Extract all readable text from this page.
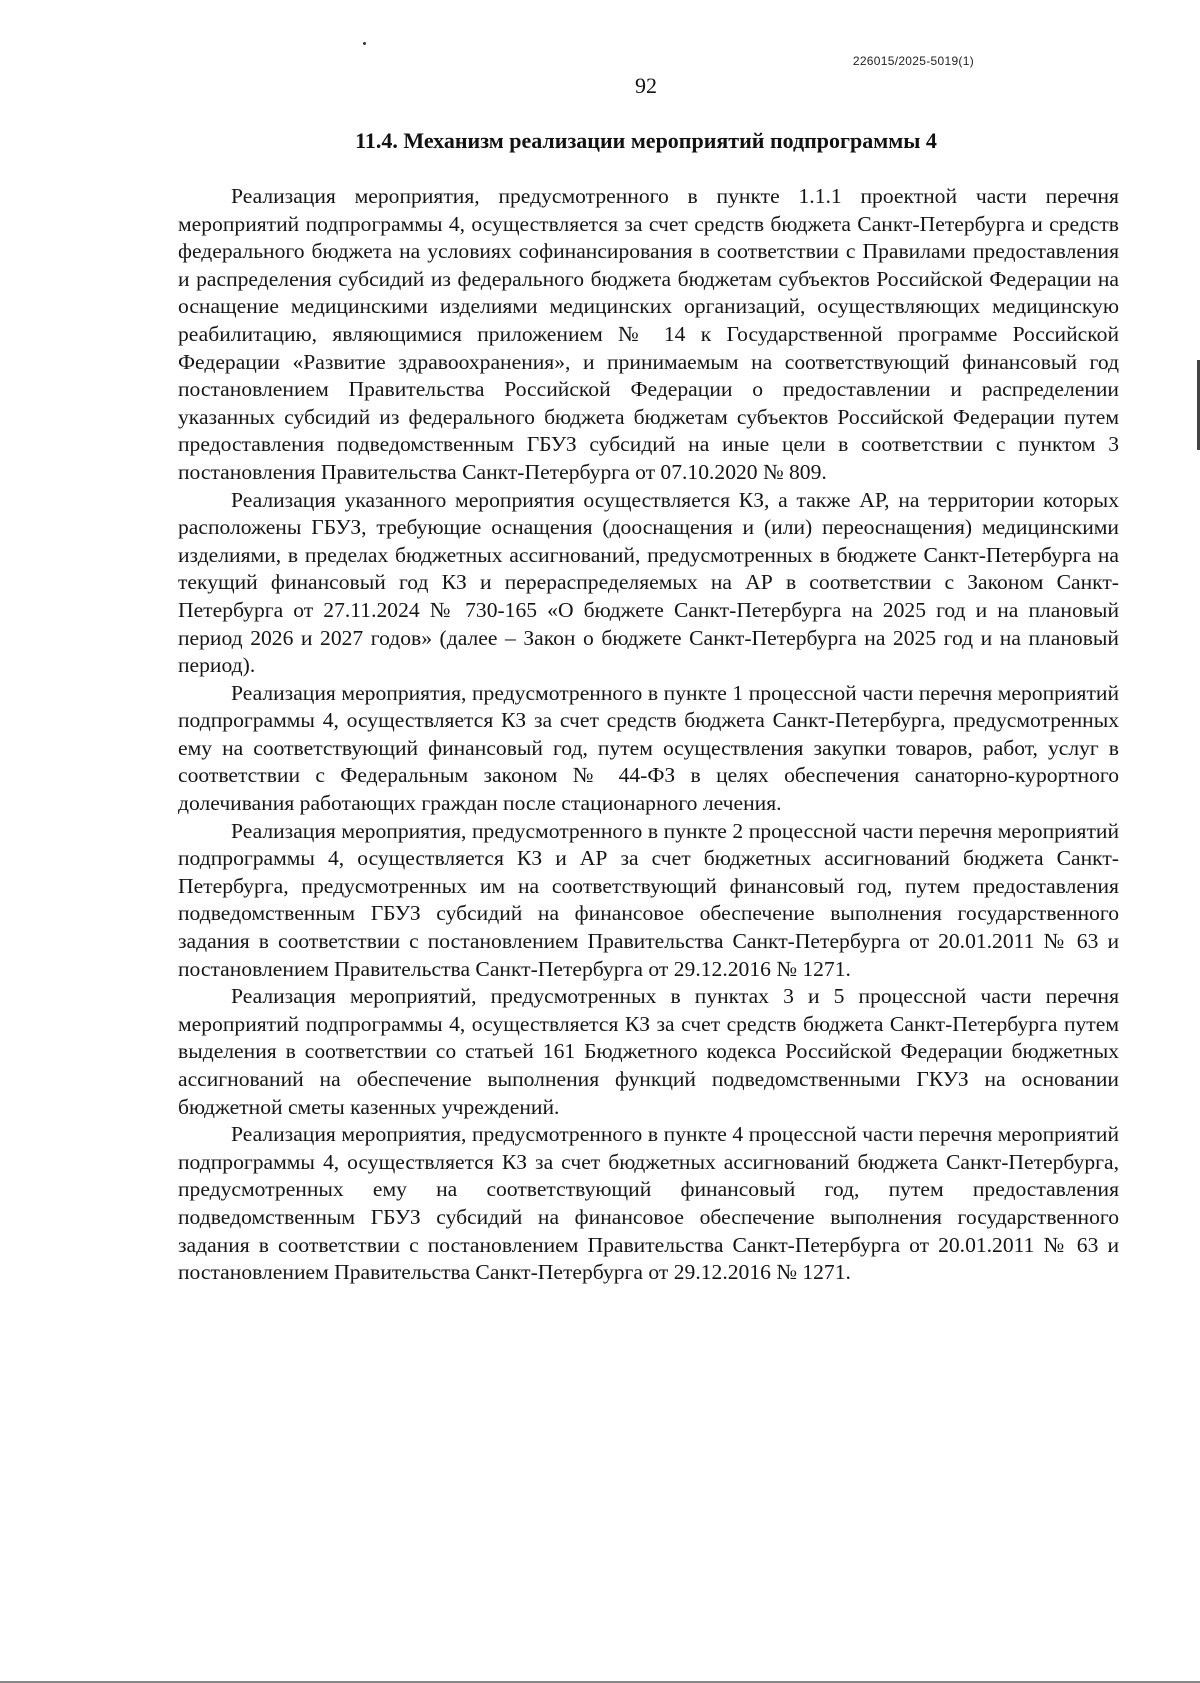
226015/2025-5019(1)
92
11.4. Механизм реализации мероприятий подпрограммы 4

Реализация мероприятия, предусмотренного в пункте 1.1.1 проектной части перечня мероприятий подпрограммы 4, осуществляется за счет средств бюджета Санкт-Петербурга и средств федерального бюджета на условиях софинансирования в соответствии с Правилами предоставления и распределения субсидий из федерального бюджета бюджетам субъектов Российской Федерации на оснащение медицинскими изделиями медицинских организаций, осуществляющих медицинскую реабилитацию, являющимися приложением № 14 к Государственной программе Российской Федерации «Развитие здравоохранения», и принимаемым на соответствующий финансовый год постановлением Правительства Российской Федерации о предоставлении и распределении указанных субсидий из федерального бюджета бюджетам субъектов Российской Федерации путем предоставления подведомственным ГБУЗ субсидий на иные цели в соответствии с пунктом 3 постановления Правительства Санкт-Петербурга от 07.10.2020 № 809.

Реализация указанного мероприятия осуществляется КЗ, а также АР, на территории которых расположены ГБУЗ, требующие оснащения (дооснащения и (или) переоснащения) медицинскими изделиями, в пределах бюджетных ассигнований, предусмотренных в бюджете Санкт-Петербурга на текущий финансовый год КЗ и перераспределяемых на АР в соответствии с Законом Санкт-Петербурга от 27.11.2024 № 730-165 «О бюджете Санкт-Петербурга на 2025 год и на плановый период 2026 и 2027 годов» (далее – Закон о бюджете Санкт-Петербурга на 2025 год и на плановый период).

Реализация мероприятия, предусмотренного в пункте 1 процессной части перечня мероприятий подпрограммы 4, осуществляется КЗ за счет средств бюджета Санкт-Петербурга, предусмотренных ему на соответствующий финансовый год, путем осуществления закупки товаров, работ, услуг в соответствии с Федеральным законом № 44-ФЗ в целях обеспечения санаторно-курортного долечивания работающих граждан после стационарного лечения.

Реализация мероприятия, предусмотренного в пункте 2 процессной части перечня мероприятий подпрограммы 4, осуществляется КЗ и АР за счет бюджетных ассигнований бюджета Санкт-Петербурга, предусмотренных им на соответствующий финансовый год, путем предоставления подведомственным ГБУЗ субсидий на финансовое обеспечение выполнения государственного задания в соответствии с постановлением Правительства Санкт-Петербурга от 20.01.2011 № 63 и постановлением Правительства Санкт-Петербурга от 29.12.2016 № 1271.

Реализация мероприятий, предусмотренных в пунктах 3 и 5 процессной части перечня мероприятий подпрограммы 4, осуществляется КЗ за счет средств бюджета Санкт-Петербурга путем выделения в соответствии со статьей 161 Бюджетного кодекса Российской Федерации бюджетных ассигнований на обеспечение выполнения функций подведомственными ГКУЗ на основании бюджетной сметы казенных учреждений.

Реализация мероприятия, предусмотренного в пункте 4 процессной части перечня мероприятий подпрограммы 4, осуществляется КЗ за счет бюджетных ассигнований бюджета Санкт-Петербурга, предусмотренных ему на соответствующий финансовый год, путем предоставления подведомственным ГБУЗ субсидий на финансовое обеспечение выполнения государственного задания в соответствии с постановлением Правительства Санкт-Петербурга от 20.01.2011 № 63 и постановлением Правительства Санкт-Петербурга от 29.12.2016 № 1271.
